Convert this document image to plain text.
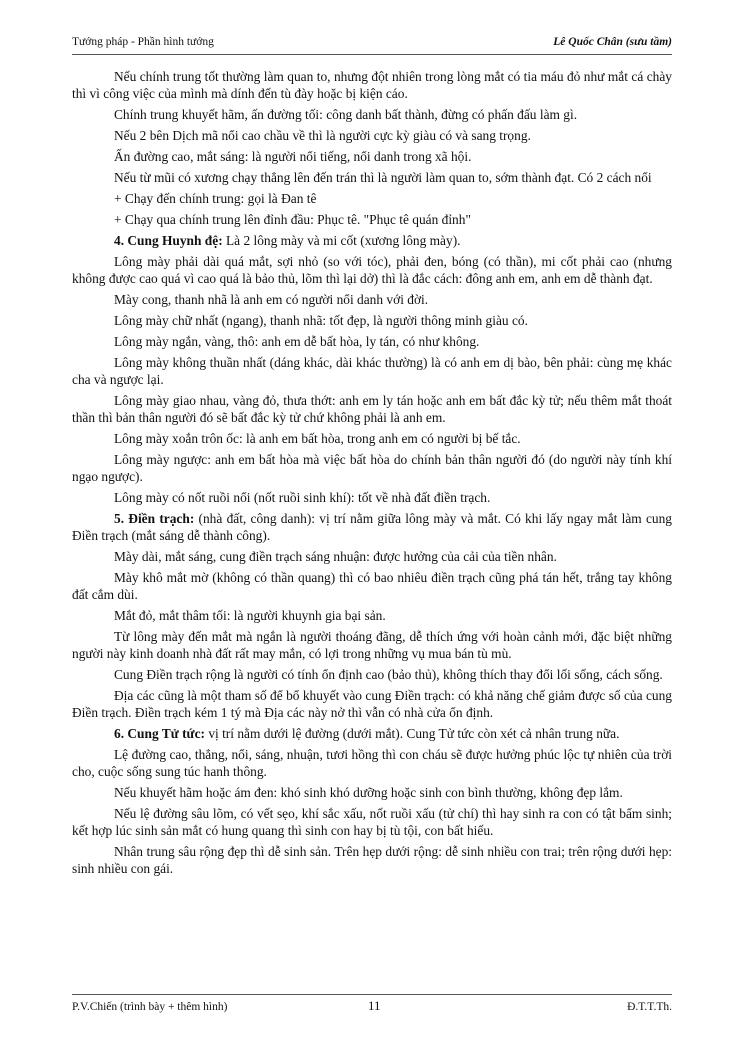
Tướng pháp - Phần hình tướng	Lê Quốc Chân (sưu tầm)

Nếu chính trung tốt thường làm quan to, nhưng đột nhiên trong lòng mắt có tia máu đỏ như mắt cá chày thì vì công việc của mình mà dính đến tù đày hoặc bị kiện cáo.

Chính trung khuyết hãm, ấn đường tối: công danh bất thành, đừng có phấn đấu làm gì.

Nếu 2 bên Dịch mã nổi cao chầu về thì là người cực kỳ giàu có và sang trọng.

Ấn đường cao, mắt sáng: là người nổi tiếng, nổi danh trong xã hội.

Nếu từ mũi có xương chạy thẳng lên đến trán thì là người làm quan to, sớm thành đạt. Có 2 cách nổi

+ Chạy đến chính trung: gọi là Đan tê

+ Chạy qua chính trung lên đỉnh đầu: Phục tê. "Phục tê quán đỉnh"

4. Cung Huynh đệ: Là 2 lông mày và mi cốt (xương lông mày).

Lông mày phải dài quá mắt, sợi nhỏ (so với tóc), phải đen, bóng (có thần), mi cốt phải cao (nhưng không được cao quá vì cao quá là bảo thủ, lõm thì lại dở) thì là đắc cách: đông anh em, anh em dễ thành đạt.

Mày cong, thanh nhã là anh em có người nổi danh với đời.

Lông mày chữ nhất (ngang), thanh nhã: tốt đẹp, là người thông minh giàu có.

Lông mày ngắn, vàng, thô: anh em dễ bất hòa, ly tán, có như không.

Lông mày không thuần nhất (dáng khác, dài khác thường) là có anh em dị bào, bên phải: cùng mẹ khác cha và ngược lại.

Lông mày giao nhau, vàng đỏ, thưa thớt: anh em ly tán hoặc anh em bất đắc kỳ tử; nếu thêm mắt thoát thần thì bản thân người đó sẽ bất đắc kỳ tử chứ không phải là anh em.

Lông mày xoắn trôn ốc: là anh em bất hòa, trong anh em có người bị bế tắc.

Lông mày ngược: anh em bất hòa mà việc bất hòa do chính bản thân người đó (do người này tính khí ngạo ngược).

Lông mày có nốt ruồi nổi (nốt ruồi sinh khí): tốt về nhà đất điền trạch.

5. Điền trạch: (nhà đất, công danh): vị trí nằm giữa lông mày và mắt. Có khi lấy ngay mắt làm cung Điền trạch (mắt sáng dễ thành công).

Mày dài, mắt sáng, cung điền trạch sáng nhuận: được hưởng của cải của tiền nhân.

Mày khô mắt mờ (không có thần quang) thì có bao nhiêu điền trạch cũng phá tán hết, trắng tay không đất cắm dùi.

Mắt đỏ, mắt thâm tối: là người khuynh gia bại sản.

Từ lông mày đến mắt mà ngắn là người thoáng đãng, dễ thích ứng với hoàn cảnh mới, đặc biệt những người này kinh doanh nhà đất rất may mắn, có lợi trong những vụ mua bán tù mù.

Cung Điền trạch rộng là người có tính ổn định cao (bảo thủ), không thích thay đổi lối sống, cách sống.

Địa các cũng là một tham số để bổ khuyết vào cung Điền trạch: có khả năng chế giảm được số của cung Điền trạch. Điền trạch kém 1 tý mà Địa các này nở thì vẫn có nhà cửa ổn định.

6. Cung Tử tức: vị trí nằm dưới lệ đường (dưới mắt). Cung Tử tức còn xét cả nhân trung nữa.

Lệ đường cao, thẳng, nổi, sáng, nhuận, tươi hồng thì con cháu sẽ được hưởng phúc lộc tự nhiên của trời cho, cuộc sống sung túc hanh thông.

Nếu khuyết hãm hoặc ám đen: khó sinh khó dưỡng hoặc sinh con bình thường, không đẹp lắm.

Nếu lệ đường sâu lõm, có vết sẹo, khí sắc xấu, nốt ruồi xấu (tử chí) thì hay sinh ra con có tật bẩm sinh; kết hợp lúc sinh sản mắt có hung quang thì sinh con hay bị tù tội, con bất hiếu.

Nhân trung sâu rộng đẹp thì dễ sinh sản. Trên hẹp dưới rộng: dễ sinh nhiều con trai; trên rộng dưới hẹp: sinh nhiều con gái.

P.V.Chiến (trình bày + thêm hình)	11	Đ.T.T.Th.
